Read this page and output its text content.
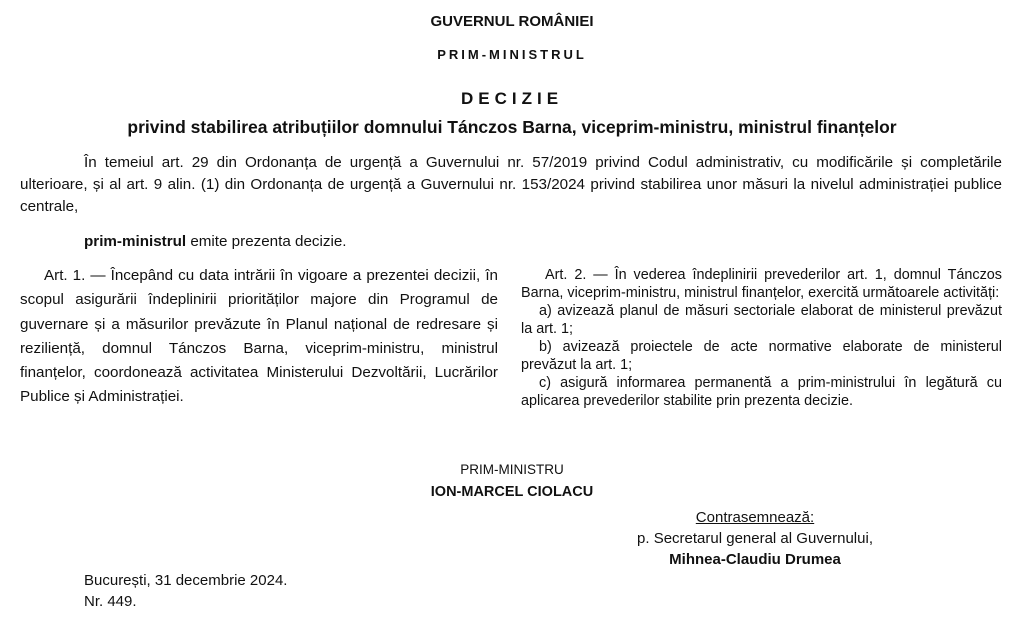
GUVERNUL ROMÂNIEI
PRIM-MINISTRUL
DECIZIE
privind stabilirea atribuțiilor domnului Tánczos Barna, viceprim-ministru, ministrul finanțelor
În temeiul art. 29 din Ordonanța de urgență a Guvernului nr. 57/2019 privind Codul administrativ, cu modificările și completările ulterioare, și al art. 9 alin. (1) din Ordonanța de urgență a Guvernului nr. 153/2024 privind stabilirea unor măsuri la nivelul administrației publice centrale,
prim-ministrul emite prezenta decizie.
Art. 1. — Începând cu data intrării în vigoare a prezentei decizii, în scopul asigurării îndeplinirii priorităților majore din Programul de guvernare și a măsurilor prevăzute în Planul național de redresare și reziliență, domnul Tánczos Barna, viceprim-ministru, ministrul finanțelor, coordonează activitatea Ministerului Dezvoltării, Lucrărilor Publice și Administrației.

Art. 2. — În vederea îndeplinirii prevederilor art. 1, domnul Tánczos Barna, viceprim-ministru, ministrul finanțelor, exercită următoarele activități:

a) avizează planul de măsuri sectoriale elaborat de ministerul prevăzut la art. 1;

b) avizează proiectele de acte normative elaborate de ministerul prevăzut la art. 1;

c) asigură informarea permanentă a prim-ministrului în legătură cu aplicarea prevederilor stabilite prin prezenta decizie.

PRIM-MINISTRU
ION-MARCEL CIOLACU
Contrasemnează:
p. Secretarul general al Guvernului,
Mihnea-Claudiu Drumea
București, 31 decembrie 2024.
Nr. 449.
